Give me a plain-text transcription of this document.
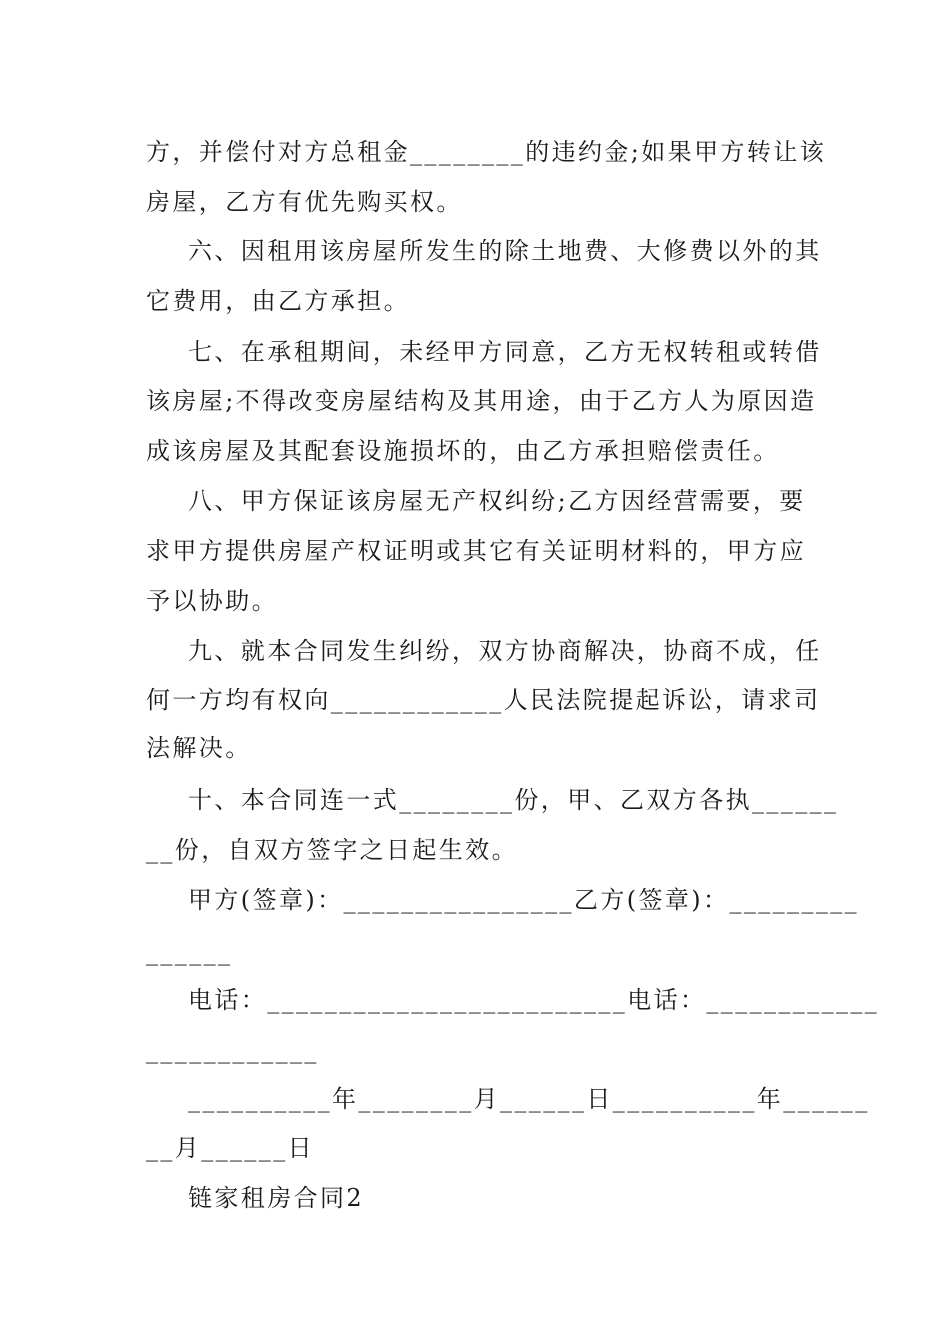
方，并偿付对方总租金________的违约金;如果甲方转让该
房屋，乙方有优先购买权。
六、因租用该房屋所发生的除土地费、大修费以外的其
它费用，由乙方承担。
七、在承租期间，未经甲方同意，乙方无权转租或转借
该房屋;不得改变房屋结构及其用途，由于乙方人为原因造
成该房屋及其配套设施损坏的，由乙方承担赔偿责任。
八、甲方保证该房屋无产权纠纷;乙方因经营需要，要
求甲方提供房屋产权证明或其它有关证明材料的，甲方应
予以协助。
九、就本合同发生纠纷，双方协商解决，协商不成，任
何一方均有权向____________人民法院提起诉讼，请求司
法解决。
十、本合同连一式________份，甲、乙双方各执______
__份，自双方签字之日起生效。
甲方(签章)：________________乙方(签章)：_________
______
电话：_________________________电话：____________
____________
__________年________月______日__________年______
__月______日
链家租房合同2
